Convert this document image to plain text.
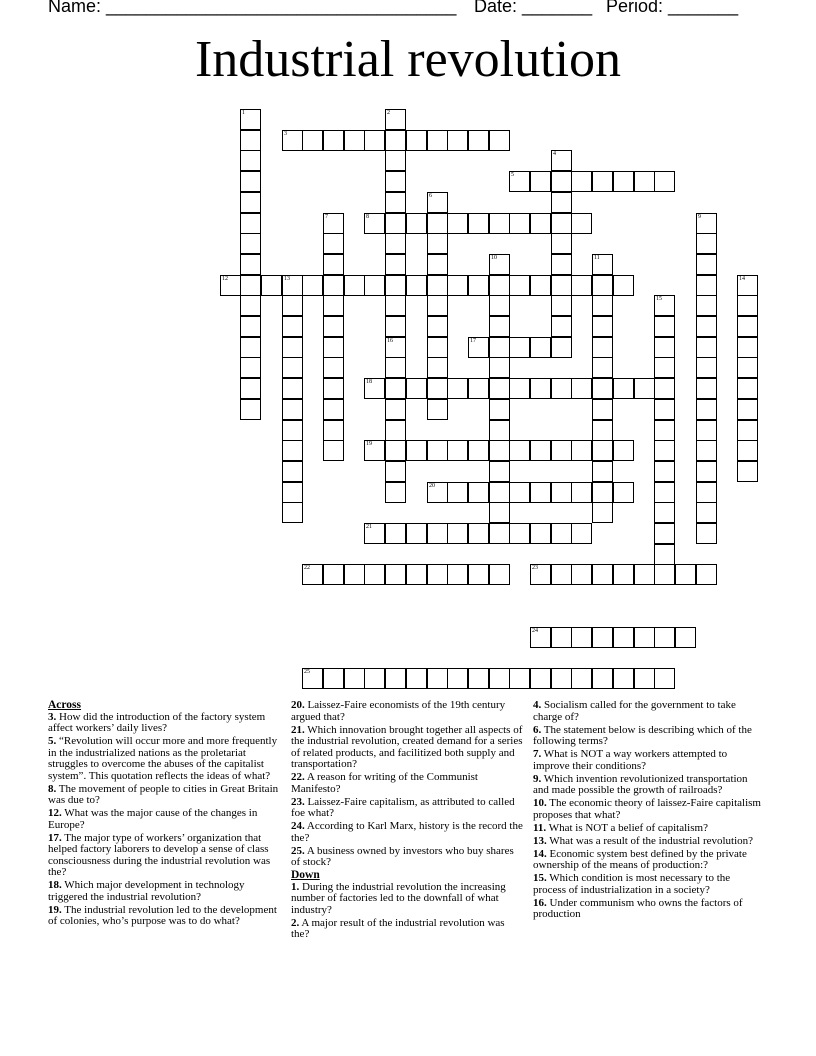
Name: ___________________________________ Date: _______ Period: _______
Industrial revolution
1	2
16
3
4
5
6
7	8	9
10	11
12	13	14
15
17
18
19
20
21
22	23
24
25
Across
3. How did the introduction of the factory system affect workers’ daily lives?
5. “Revolution will occur more and more frequently in the industrialized nations as the proletariat struggles to overcome the abuses of the capitalist system”. This quotation reflects the ideas of what?
8. The movement of people to cities in Great Britain was due to?
12. What was the major cause of the changes in Europe?
17. The major type of workers’ organization that helped factory laborers to develop a sense of class consciousness during the industrial revolution was the?
18. Which major development in technology triggered the industrial revolution?
19. The industrial revolution led to the development of colonies, who’s purpose was to do what?
20. Laissez-Faire economists of the 19th century argued that?
21. Which innovation brought together all aspects of the industrial revolution, created demand for a series of related products, and facilitized both supply and transportation?
22. A reason for writing of the Communist Manifesto?
23. Laissez-Faire capitalism, as attributed to called foe what?
24. According to Karl Marx, history is the record the the?
25. A business owned by investors who buy shares of stock?
Down
1. During the industrial revolution the increasing number of factories led to the downfall of what industry?
2. A major result of the industrial revolution was the?
4. Socialism called for the government to take charge of?
6. The statement below is describing which of the following terms?
7. What is NOT a way workers attempted to improve their conditions?
9. Which invention revolutionized transportation and made possible the growth of railroads?
10. The economic theory of laissez-Faire capitalism proposes that what?
11. What is NOT a belief of capitalism?
13. What was a result of the industrial revolution?
14. Economic system best defined by the private ownership of the means of production:?
15. Which condition is most necessary to the process of industrialization in a society?
16. Under communism who owns the factors of production
